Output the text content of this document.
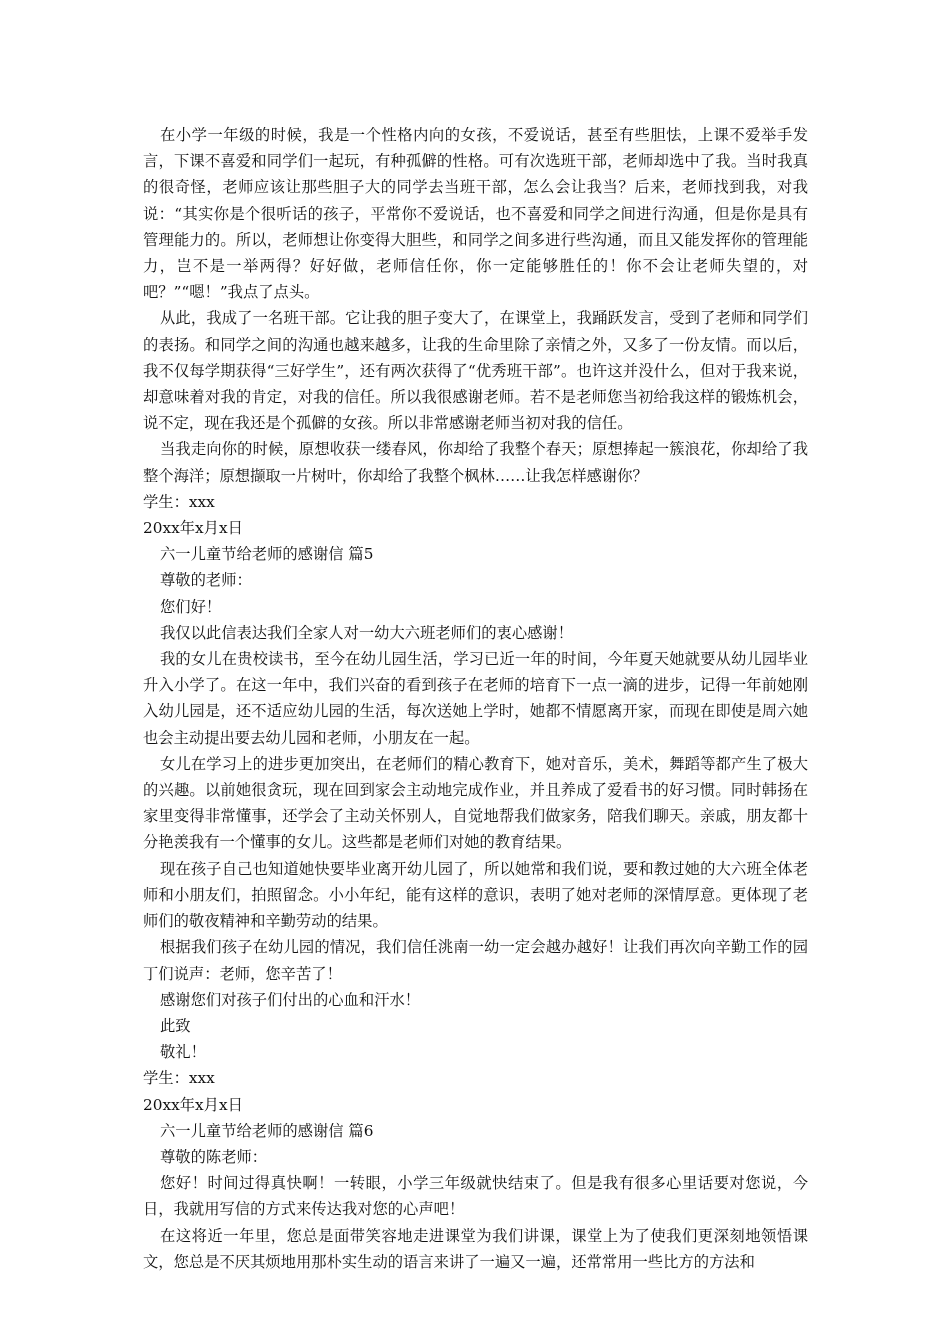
在小学一年级的时候，我是一个性格内向的女孩，不爱说话，甚至有些胆怯，上课不爱举手发言，下课不喜爱和同学们一起玩，有种孤僻的性格。可有次选班干部，老师却选中了我。当时我真的很奇怪，老师应该让那些胆子大的同学去当班干部，怎么会让我当？后来，老师找到我，对我说：“其实你是个很听话的孩子，平常你不爱说话，也不喜爱和同学之间进行沟通，但是你是具有管理能力的。所以，老师想让你变得大胆些，和同学之间多进行些沟通，而且又能发挥你的管理能力，岂不是一举两得？好好做，老师信任你，你一定能够胜任的！你不会让老师失望的，对吧？”“嗯！”我点了点头。

从此，我成了一名班干部。它让我的胆子变大了，在课堂上，我踊跃发言，受到了老师和同学们的表扬。和同学之间的沟通也越来越多，让我的生命里除了亲情之外，又多了一份友情。而以后，我不仅每学期获得“三好学生”，还有两次获得了“优秀班干部”。也许这并没什么，但对于我来说，却意味着对我的肯定，对我的信任。所以我很感谢老师。若不是老师您当初给我这样的锻炼机会，说不定，现在我还是个孤僻的女孩。所以非常感谢老师当初对我的信任。

当我走向你的时候，原想收获一缕春风，你却给了我整个春天；原想捧起一簇浪花，你却给了我整个海洋；原想撷取一片树叶，你却给了我整个枫林……让我怎样感谢你？

学生：xxx

20xx年x月x日

六一儿童节给老师的感谢信 篇5

尊敬的老师：

您们好！

我仅以此信表达我们全家人对一幼大六班老师们的衷心感谢！

我的女儿在贵校读书，至今在幼儿园生活，学习已近一年的时间，今年夏天她就要从幼儿园毕业升入小学了。在这一年中，我们兴奋的看到孩子在老师的培育下一点一滴的进步，记得一年前她刚入幼儿园是，还不适应幼儿园的生活，每次送她上学时，她都不情愿离开家，而现在即使是周六她也会主动提出要去幼儿园和老师，小朋友在一起。

女儿在学习上的进步更加突出，在老师们的精心教育下，她对音乐，美术，舞蹈等都产生了极大的兴趣。以前她很贪玩，现在回到家会主动地完成作业，并且养成了爱看书的好习惯。同时韩扬在家里变得非常懂事，还学会了主动关怀别人，自觉地帮我们做家务，陪我们聊天。亲戚，朋友都十分艳羡我有一个懂事的女儿。这些都是老师们对她的教育结果。

现在孩子自己也知道她快要毕业离开幼儿园了，所以她常和我们说，要和教过她的大六班全体老师和小朋友们，拍照留念。小小年纪，能有这样的意识，表明了她对老师的深情厚意。更体现了老师们的敬夜精神和辛勤劳动的结果。

根据我们孩子在幼儿园的情况，我们信任洮南一幼一定会越办越好！让我们再次向辛勤工作的园丁们说声：老师，您辛苦了！

感谢您们对孩子们付出的心血和汗水！

此致

敬礼！

学生：xxx

20xx年x月x日

六一儿童节给老师的感谢信 篇6

尊敬的陈老师：

您好！时间过得真快啊！一转眼，小学三年级就快结束了。但是我有很多心里话要对您说，今日，我就用写信的方式来传达我对您的心声吧！

在这将近一年里，您总是面带笑容地走进课堂为我们讲课，课堂上为了使我们更深刻地领悟课文，您总是不厌其烦地用那朴实生动的语言来讲了一遍又一遍，还常常用一些比方的方法和
